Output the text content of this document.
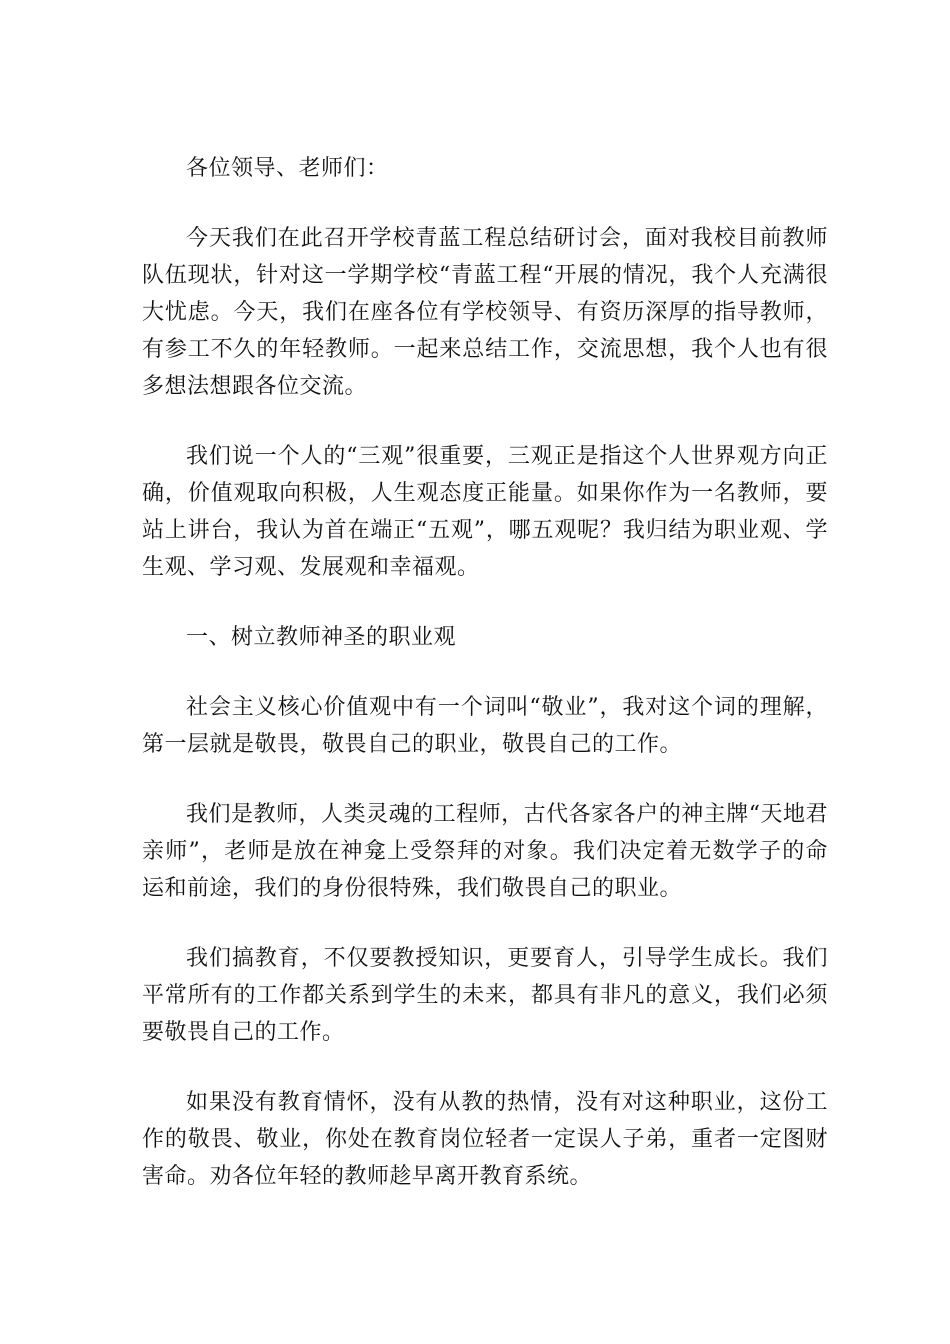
各位领导、老师们：

今天我们在此召开学校青蓝工程总结研讨会，面对我校目前教师队伍现状，针对这一学期学校“青蓝工程“开展的情况，我个人充满很大忧虑。今天，我们在座各位有学校领导、有资历深厚的指导教师，有参工不久的年轻教师。一起来总结工作，交流思想，我个人也有很多想法想跟各位交流。

我们说一个人的“三观”很重要，三观正是指这个人世界观方向正确，价值观取向积极，人生观态度正能量。如果你作为一名教师，要站上讲台，我认为首在端正“五观”，哪五观呢？我归结为职业观、学生观、学习观、发展观和幸福观。

一、树立教师神圣的职业观

社会主义核心价值观中有一个词叫“敬业”，我对这个词的理解，第一层就是敬畏，敬畏自己的职业，敬畏自己的工作。

我们是教师，人类灵魂的工程师，古代各家各户的神主牌“天地君亲师”，老师是放在神龛上受祭拜的对象。我们决定着无数学子的命运和前途，我们的身份很特殊，我们敬畏自己的职业。

我们搞教育，不仅要教授知识，更要育人，引导学生成长。我们平常所有的工作都关系到学生的未来，都具有非凡的意义，我们必须要敬畏自己的工作。

如果没有教育情怀，没有从教的热情，没有对这种职业，这份工作的敬畏、敬业，你处在教育岗位轻者一定误人子弟，重者一定图财害命。劝各位年轻的教师趁早离开教育系统。
